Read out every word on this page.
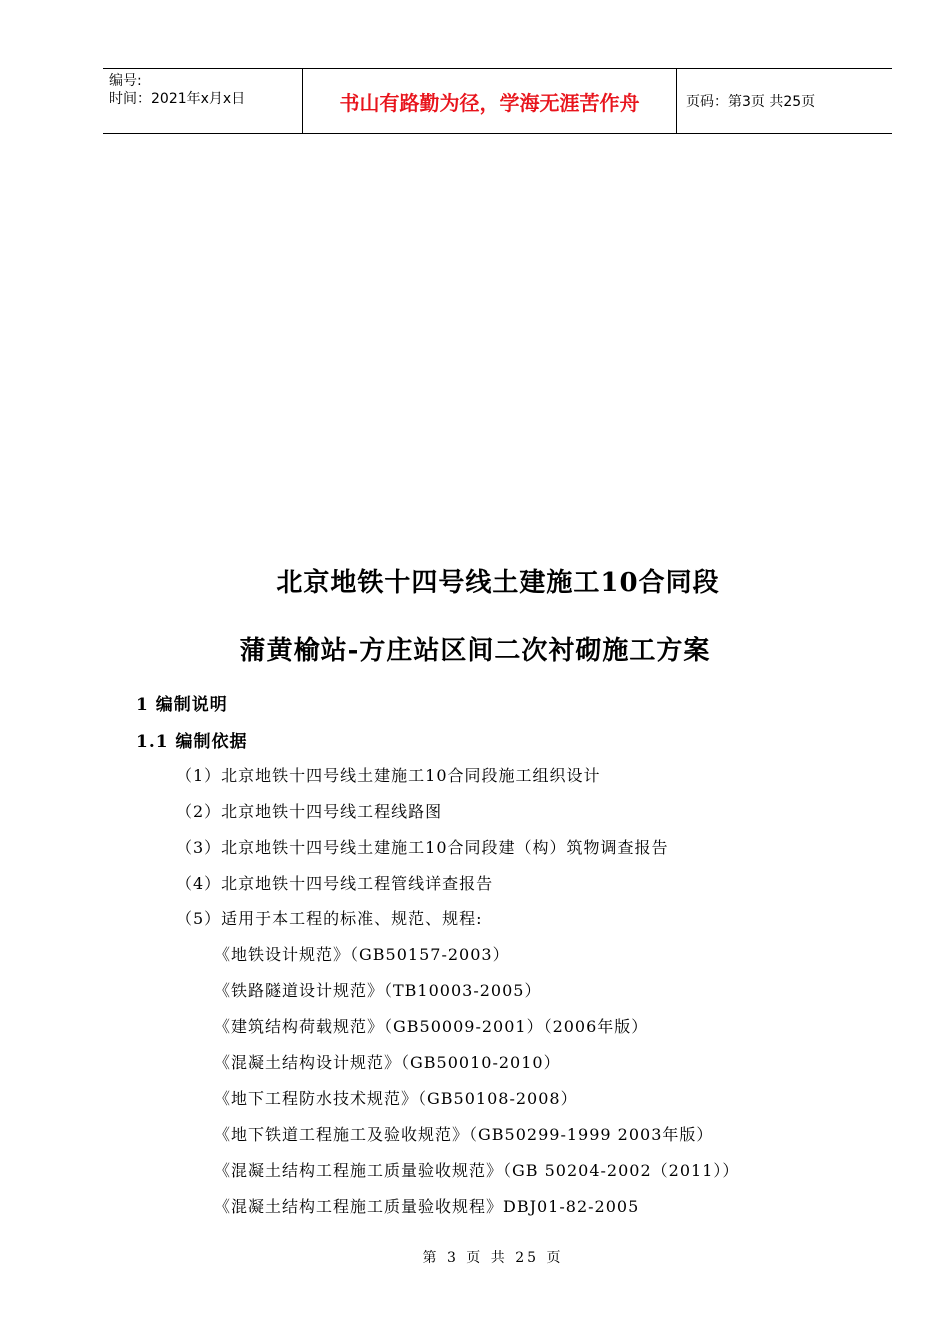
编号:
时间：2021年x月x日	书山有路勤为径，学海无涯苦作舟	页码：第3页 共25页
北京地铁十四号线土建施工10合同段
蒲黄榆站-方庄站区间二次衬砌施工方案
1 编制说明
1.1 编制依据
（1）北京地铁十四号线土建施工10合同段施工组织设计
（2）北京地铁十四号线工程线路图
（3）北京地铁十四号线土建施工10合同段建（构）筑物调查报告
（4）北京地铁十四号线工程管线详查报告
（5）适用于本工程的标准、规范、规程:
《地铁设计规范》（GB50157-2003）
《铁路隧道设计规范》（TB10003-2005）
《建筑结构荷载规范》（GB50009-2001）（2006年版）
《混凝土结构设计规范》（GB50010-2010）
《地下工程防水技术规范》（GB50108-2008）
《地下铁道工程施工及验收规范》（GB50299-1999 2003年版）
《混凝土结构工程施工质量验收规范》（GB 50204-2002（2011））
《混凝土结构工程施工质量验收规程》DBJ01-82-2005
第 3 页 共 25 页
